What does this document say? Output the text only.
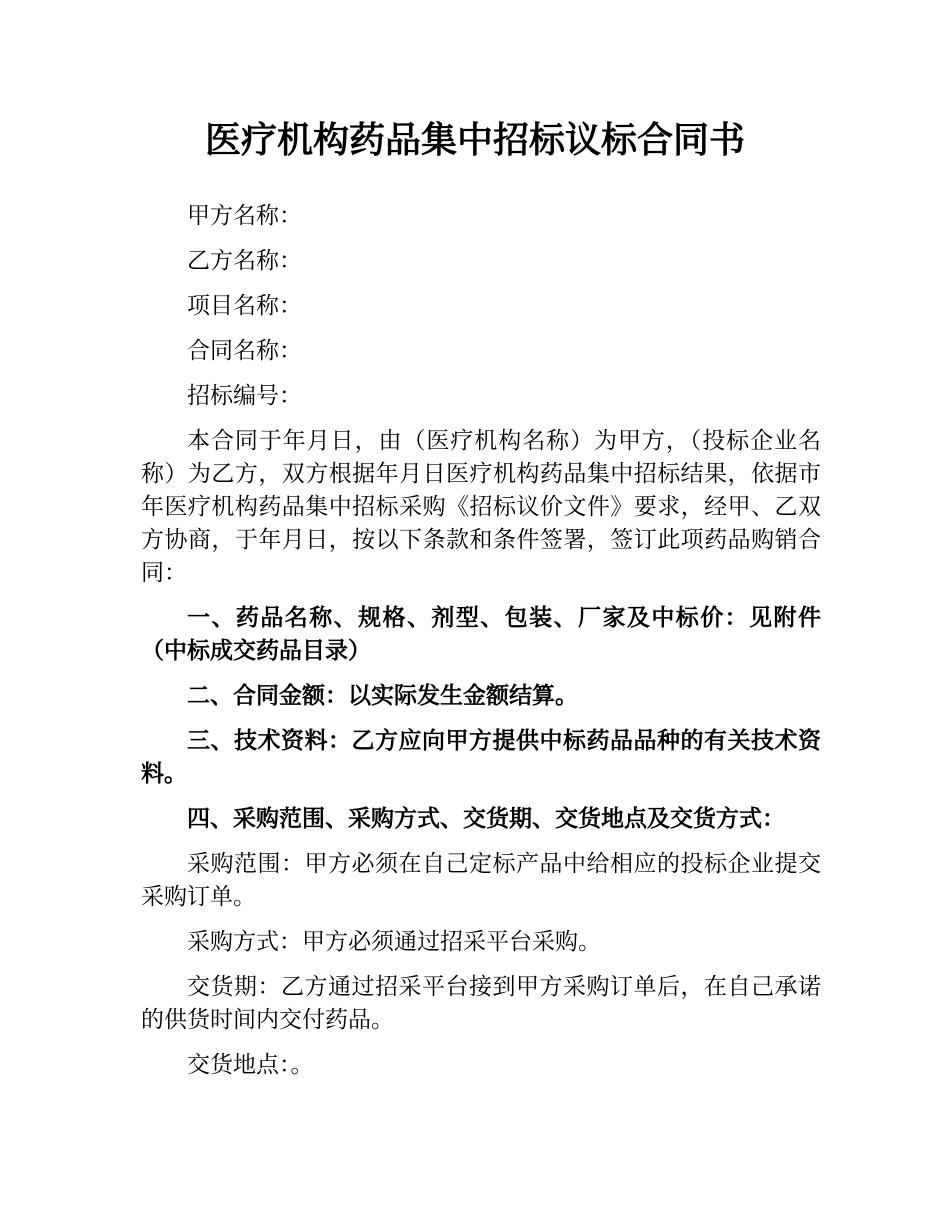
医疗机构药品集中招标议标合同书

甲方名称：

乙方名称：

项目名称：

合同名称：

招标编号：

本合同于年月日，由（医疗机构名称）为甲方，（投标企业名称）为乙方，双方根据年月日医疗机构药品集中招标结果，依据市年医疗机构药品集中招标采购《招标议价文件》要求，经甲、乙双方协商，于年月日，按以下条款和条件签署，签订此项药品购销合同：

一、药品名称、规格、剂型、包装、厂家及中标价：见附件（中标成交药品目录）

二、合同金额：以实际发生金额结算。

三、技术资料：乙方应向甲方提供中标药品品种的有关技术资料。

四、采购范围、采购方式、交货期、交货地点及交货方式：

采购范围：甲方必须在自己定标产品中给相应的投标企业提交采购订单。

采购方式：甲方必须通过招采平台采购。

交货期：乙方通过招采平台接到甲方采购订单后，在自己承诺的供货时间内交付药品。

交货地点：。
